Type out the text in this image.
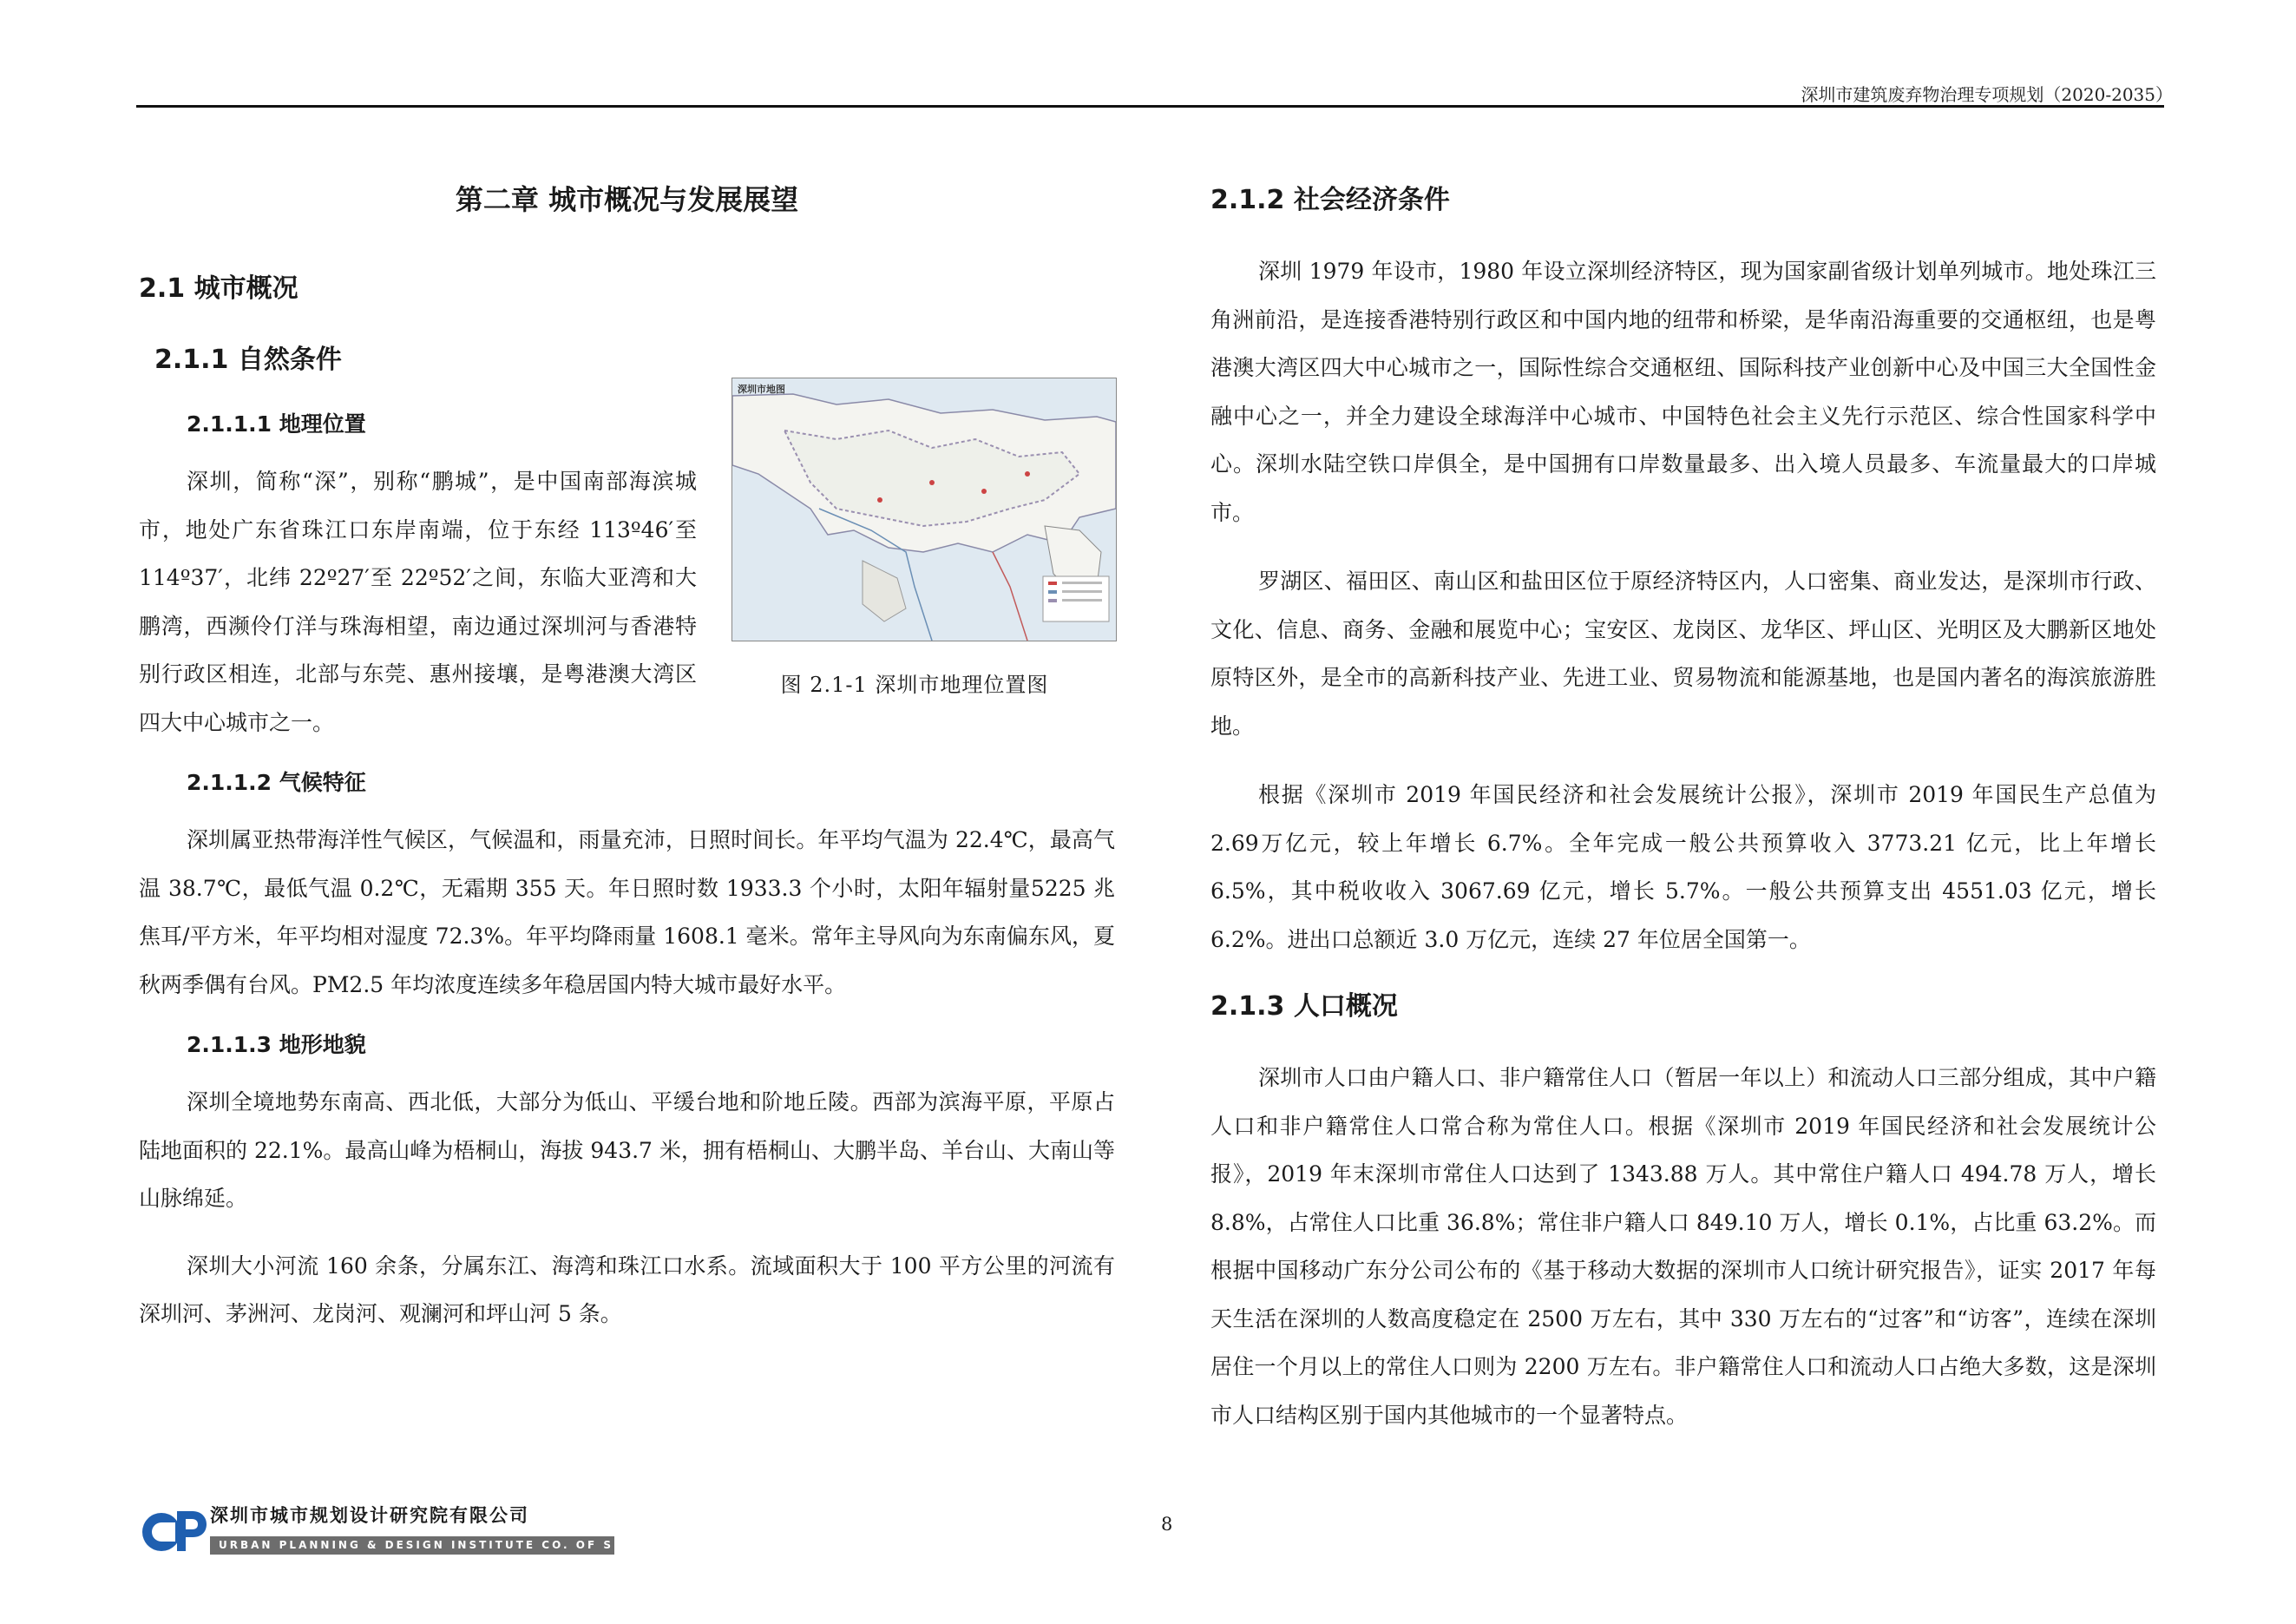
深圳市建筑废弃物治理专项规划（2020-2035）
第二章 城市概况与发展展望
2.1 城市概况
2.1.1 自然条件
深圳市地图
图 2.1-1 深圳市地理位置图
2.1.1.1 地理位置

深圳，简称“深”，别称“鹏城”，是中国南部海滨城市，地处广东省珠江口东岸南端，位于东经 113º46′至114º37′，北纬 22º27′至 22º52′之间，东临大亚湾和大鹏湾，西濒伶仃洋与珠海相望，南边通过深圳河与香港特别行政区相连，北部与东莞、惠州接壤，是粤港澳大湾区四大中心城市之一。

2.1.1.2 气候特征

深圳属亚热带海洋性气候区，气候温和，雨量充沛，日照时间长。年平均气温为 22.4℃，最高气温 38.7℃，最低气温 0.2℃，无霜期 355 天。年日照时数 1933.3 个小时，太阳年辐射量5225 兆焦耳/平方米，年平均相对湿度 72.3%。年平均降雨量 1608.1 毫米。常年主导风向为东南偏东风，夏秋两季偶有台风。PM2.5 年均浓度连续多年稳居国内特大城市最好水平。

2.1.1.3 地形地貌

深圳全境地势东南高、西北低，大部分为低山、平缓台地和阶地丘陵。西部为滨海平原，平原占陆地面积的 22.1%。最高山峰为梧桐山，海拔 943.7 米，拥有梧桐山、大鹏半岛、羊台山、大南山等山脉绵延。

深圳大小河流 160 余条，分属东江、海湾和珠江口水系。流域面积大于 100 平方公里的河流有深圳河、茅洲河、龙岗河、观澜河和坪山河 5 条。

2.1.2 社会经济条件

深圳 1979 年设市，1980 年设立深圳经济特区，现为国家副省级计划单列城市。地处珠江三角洲前沿，是连接香港特别行政区和中国内地的纽带和桥梁，是华南沿海重要的交通枢纽，也是粤港澳大湾区四大中心城市之一，国际性综合交通枢纽、国际科技产业创新中心及中国三大全国性金融中心之一，并全力建设全球海洋中心城市、中国特色社会主义先行示范区、综合性国家科学中心。深圳水陆空铁口岸俱全，是中国拥有口岸数量最多、出入境人员最多、车流量最大的口岸城市。

罗湖区、福田区、南山区和盐田区位于原经济特区内，人口密集、商业发达，是深圳市行政、文化、信息、商务、金融和展览中心；宝安区、龙岗区、龙华区、坪山区、光明区及大鹏新区地处原特区外，是全市的高新科技产业、先进工业、贸易物流和能源基地，也是国内著名的海滨旅游胜地。

根据《深圳市 2019 年国民经济和社会发展统计公报》，深圳市 2019 年国民生产总值为 2.69万亿元，较上年增长 6.7%。全年完成一般公共预算收入 3773.21 亿元，比上年增长 6.5%，其中税收收入 3067.69 亿元，增长 5.7%。一般公共预算支出 4551.03 亿元，增长 6.2%。进出口总额近 3.0 万亿元，连续 27 年位居全国第一。

2.1.3 人口概况

深圳市人口由户籍人口、非户籍常住人口（暂居一年以上）和流动人口三部分组成，其中户籍人口和非户籍常住人口常合称为常住人口。根据《深圳市 2019 年国民经济和社会发展统计公报》，2019 年末深圳市常住人口达到了 1343.88 万人。其中常住户籍人口 494.78 万人，增长8.8%，占常住人口比重 36.8%；常住非户籍人口 849.10 万人，增长 0.1%，占比重 63.2%。而根据中国移动广东分公司公布的《基于移动大数据的深圳市人口统计研究报告》，证实 2017 年每天生活在深圳的人数高度稳定在 2500 万左右，其中 330 万左右的“过客”和“访客”，连续在深圳居住一个月以上的常住人口则为 2200 万左右。非户籍常住人口和流动人口占绝大多数，这是深圳市人口结构区别于国内其他城市的一个显著特点。

深圳市城市规划设计研究院有限公司
URBAN PLANNING & DESIGN INSTITUTE CO. OF SHENZHEN
8
